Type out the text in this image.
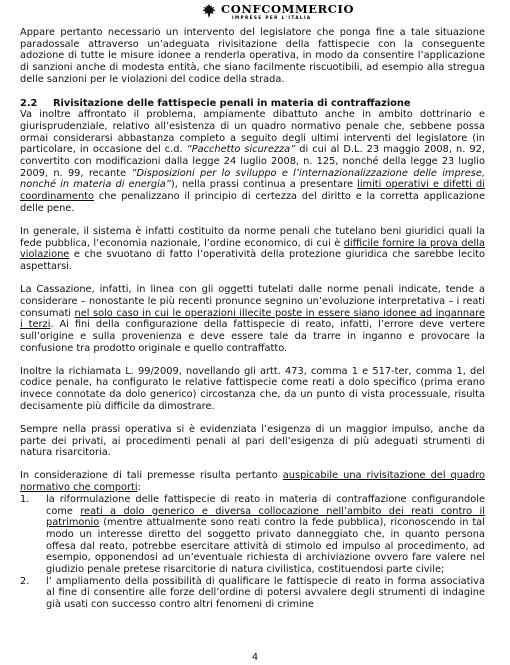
CONFCOMMERCIO
IMPRESE PER L'ITALIA

Appare pertanto necessario un intervento del legislatore che ponga fine a tale situazione paradossale attraverso un’adeguata rivisitazione della fattispecie con la conseguente adozione di tutte le misure idonee a renderla operativa, in modo da consentire l’applicazione di sanzioni anche di modesta entità, che siano facilmente riscuotibili, ad esempio alla stregua delle sanzioni per le violazioni del codice della strada.

2.2 Rivisitazione delle fattispecie penali in materia di contraffazione

Va inoltre affrontato il problema, ampiamente dibattuto anche in ambito dottrinario e giurisprudenziale, relativo all’esistenza di un quadro normativo penale che, sebbene possa ormai considerarsi abbastanza completo a seguito degli ultimi interventi del legislatore (in particolare, in occasione del c.d. “Pacchetto sicurezza” di cui al D.L. 23 maggio 2008, n. 92, convertito con modificazioni dalla legge 24 luglio 2008, n. 125, nonché della legge 23 luglio 2009, n. 99, recante “Disposizioni per lo sviluppo e l’internazionalizzazione delle imprese, nonché in materia di energia”), nella prassi continua a presentare limiti operativi e difetti di coordinamento che penalizzano il principio di certezza del diritto e la corretta applicazione delle pene.

In generale, il sistema è infatti costituito da norme penali che tutelano beni giuridici quali la fede pubblica, l’economia nazionale, l’ordine economico, di cui è difficile fornire la prova della violazione e che svuotano di fatto l’operatività della protezione giuridica che sarebbe lecito aspettarsi.

La Cassazione, infatti, in linea con gli oggetti tutelati dalle norme penali indicate, tende a considerare – nonostante le più recenti pronunce segnino un’evoluzione interpretativa – i reati consumati nel solo caso in cui le operazioni illecite poste in essere siano idonee ad ingannare i terzi. Ai fini della configurazione della fattispecie di reato, infatti, l’errore deve vertere sull’origine e sulla provenienza e deve essere tale da trarre in inganno e provocare la confusione tra prodotto originale e quello contraffatto.

Inoltre la richiamata L. 99/2009, novellando gli artt. 473, comma 1 e 517-ter, comma 1, del codice penale, ha configurato le relative fattispecie come reati a dolo specifico (prima erano invece connotate da dolo generico) circostanza che, da un punto di vista processuale, risulta decisamente più difficile da dimostrare.

Sempre nella prassi operativa si è evidenziata l’esigenza di un maggior impulso, anche da parte dei privati, ai procedimenti penali al pari dell’esigenza di più adeguati strumenti di natura risarcitoria.

In considerazione di tali premesse risulta pertanto auspicabile una rivisitazione del quadro normativo che comporti:

1. la riformulazione delle fattispecie di reato in materia di contraffazione configurandole come reati a dolo generico e diversa collocazione nell’ambito dei reati contro il patrimonio (mentre attualmente sono reati contro la fede pubblica), riconoscendo in tal modo un interesse diretto del soggetto privato danneggiato che, in quanto persona offesa dal reato, potrebbe esercitare attività di stimolo ed impulso al procedimento, ad esempio, opponendosi ad un’eventuale richiesta di archiviazione ovvero fare valere nel giudizio penale pretese risarcitorie di natura civilistica, costituendosi parte civile;
2. l’ ampliamento della possibilità di qualificare le fattispecie di reato in forma associativa al fine di consentire alle forze dell’ordine di potersi avvalere degli strumenti di indagine già usati con successo contro altri fenomeni di crimine
4
